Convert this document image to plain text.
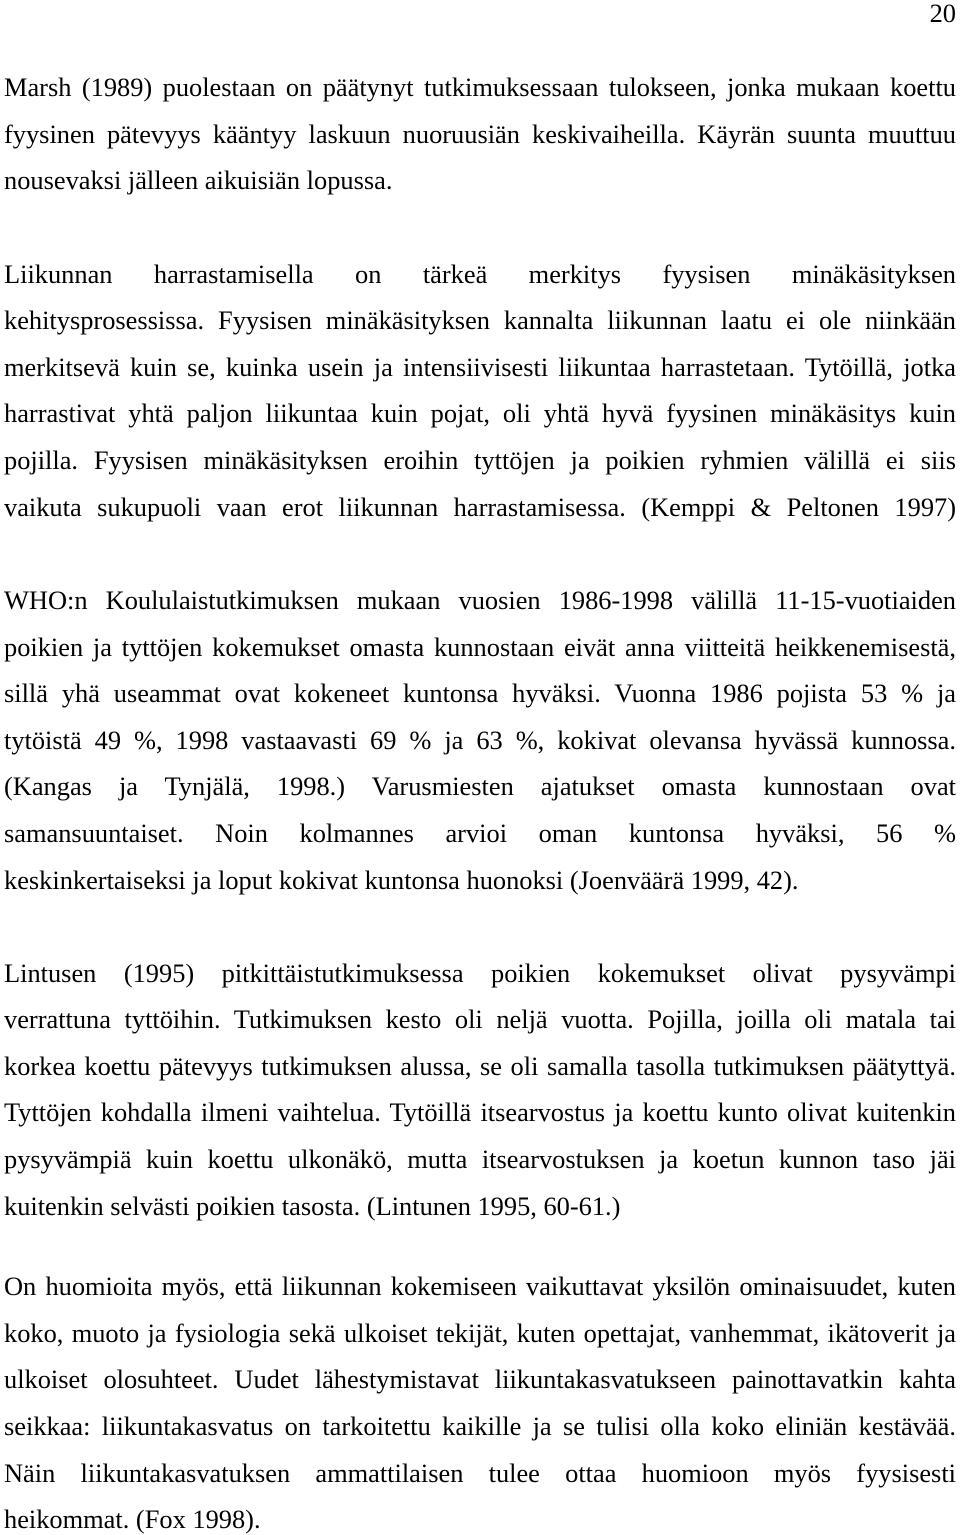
20
Marsh (1989) puolestaan on päätynyt tutkimuksessaan tulokseen, jonka mukaan koettu
fyysinen pätevyys kääntyy laskuun nuoruusiän keskivaiheilla. Käyrän suunta muuttuu
nousevaksi jälleen aikuisiän lopussa.
Liikunnan harrastamisella on tärkeä merkitys fyysisen minäkäsityksen
kehitysprosessissa. Fyysisen minäkäsityksen kannalta liikunnan laatu ei ole niinkään
merkitsevä kuin se, kuinka usein ja intensiivisesti liikuntaa harrastetaan. Tytöillä, jotka
harrastivat yhtä paljon liikuntaa kuin pojat, oli yhtä hyvä fyysinen minäkäsitys kuin
pojilla. Fyysisen minäkäsityksen eroihin tyttöjen ja poikien ryhmien välillä ei siis
vaikuta sukupuoli vaan erot liikunnan harrastamisessa. (Kemppi & Peltonen 1997)
WHO:n Koululaistutkimuksen mukaan vuosien 1986-1998 välillä 11-15-vuotiaiden
poikien ja tyttöjen kokemukset omasta kunnostaan eivät anna viitteitä heikkenemisestä,
sillä yhä useammat ovat kokeneet kuntonsa hyväksi. Vuonna 1986 pojista 53 % ja
tytöistä 49 %, 1998 vastaavasti 69 % ja 63 %, kokivat olevansa hyvässä kunnossa.
(Kangas ja Tynjälä, 1998.) Varusmiesten ajatukset omasta kunnostaan ovat
samansuuntaiset. Noin kolmannes arvioi oman kuntonsa hyväksi, 56 %
keskinkertaiseksi ja loput kokivat kuntonsa huonoksi (Joenväärä 1999, 42).
Lintusen (1995) pitkittäistutkimuksessa poikien kokemukset olivat pysyvämpi
verrattuna tyttöihin. Tutkimuksen kesto oli neljä vuotta. Pojilla, joilla oli matala tai
korkea koettu pätevyys tutkimuksen alussa, se oli samalla tasolla tutkimuksen päätyttyä.
Tyttöjen kohdalla ilmeni vaihtelua. Tytöillä itsearvostus ja koettu kunto olivat kuitenkin
pysyvämpiä kuin koettu ulkonäkö, mutta itsearvostuksen ja koetun kunnon taso jäi
kuitenkin selvästi poikien tasosta. (Lintunen 1995, 60-61.)
On huomioita myös, että liikunnan kokemiseen vaikuttavat yksilön ominaisuudet, kuten
koko, muoto ja fysiologia sekä ulkoiset tekijät, kuten opettajat, vanhemmat, ikätoverit ja
ulkoiset olosuhteet. Uudet lähestymistavat liikuntakasvatukseen painottavatkin kahta
seikkaa: liikuntakasvatus on tarkoitettu kaikille ja se tulisi olla koko eliniän kestävää.
Näin liikuntakasvatuksen ammattilaisen tulee ottaa huomioon myös fyysisesti
heikommat. (Fox 1998).
